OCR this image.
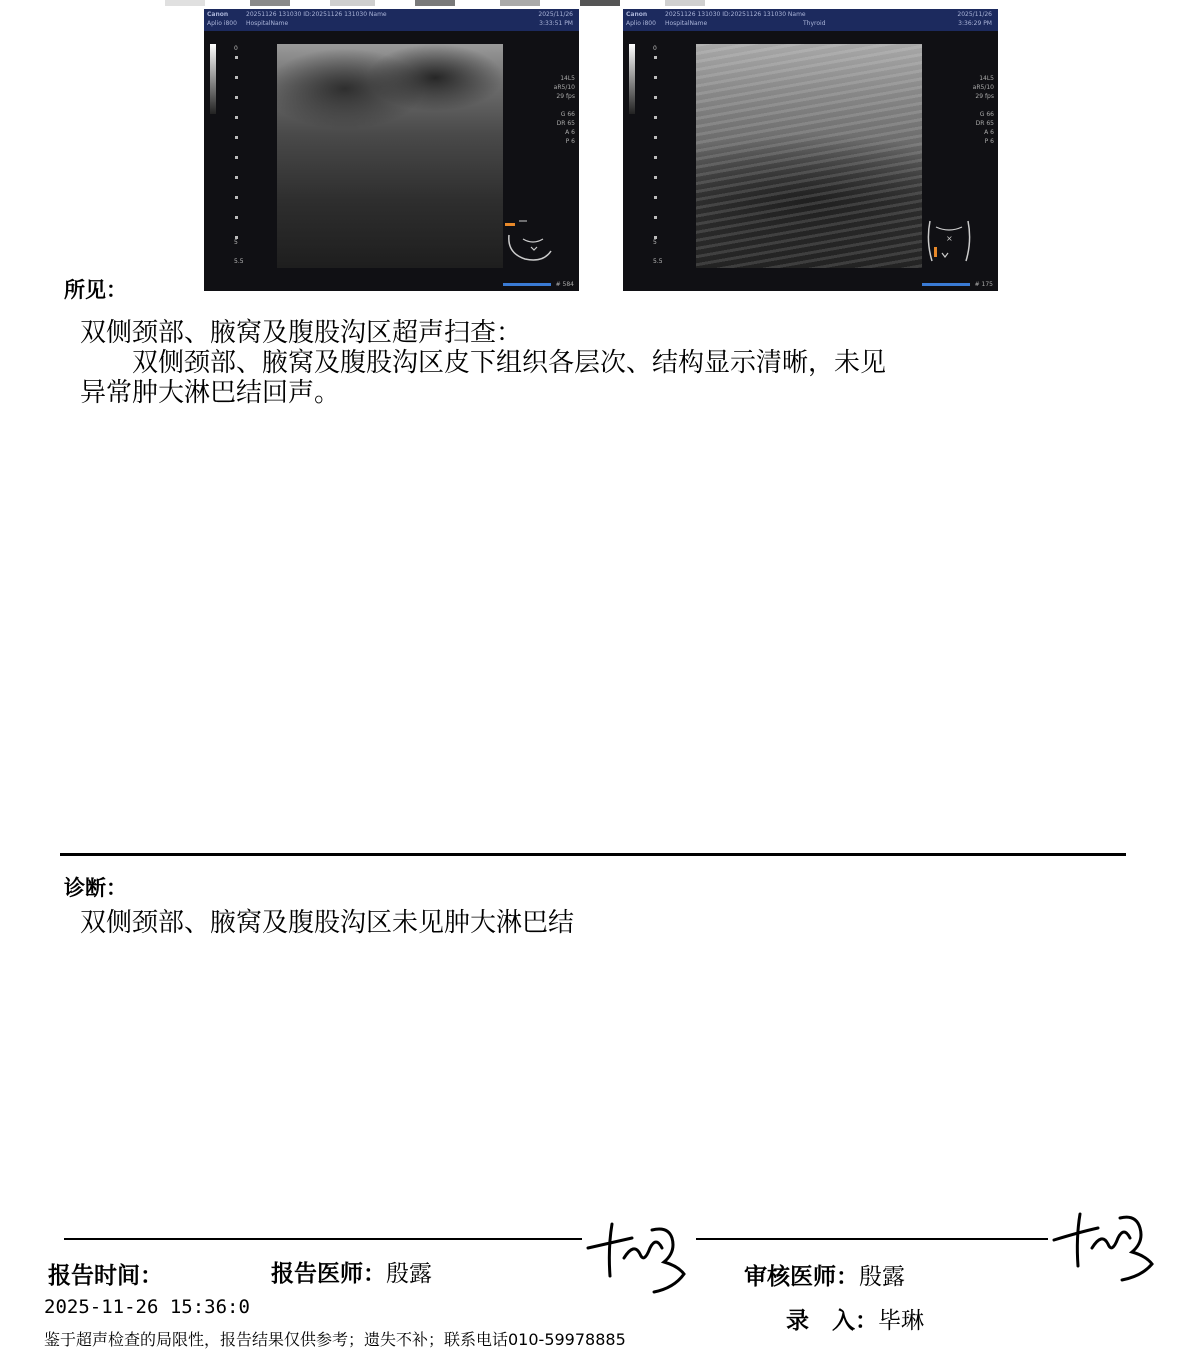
Canon
Aplio i800
20251126 131030 ID:20251126 131030 Name
HospitalName
2025/11/26
3:33:51 PM
0
5
5.5
14L5
aR5/10
29 fps

G 66
DR 65
A 6
P 6
# 584
Canon
Aplio i800
20251126 131030 ID:20251126 131030 Name
HospitalName
2025/11/26
3:36:29 PM
Thyroid
0
5
5.5
14L5
aR5/10
29 fps

G 66
DR 65
A 6
P 6
×
# 175
所见：
双侧颈部、腋窝及腹股沟区超声扫查：
　　双侧颈部、腋窝及腹股沟区皮下组织各层次、结构显示清晰，未见
异常肿大淋巴结回声。
诊断：
双侧颈部、腋窝及腹股沟区未见肿大淋巴结
报告时间：	报告医师：殷露	审核医师：殷露
录　入：毕琳
2025-11-26 15:36:0
鉴于超声检查的局限性，报告结果仅供参考；遗失不补；联系电话010-59978885
